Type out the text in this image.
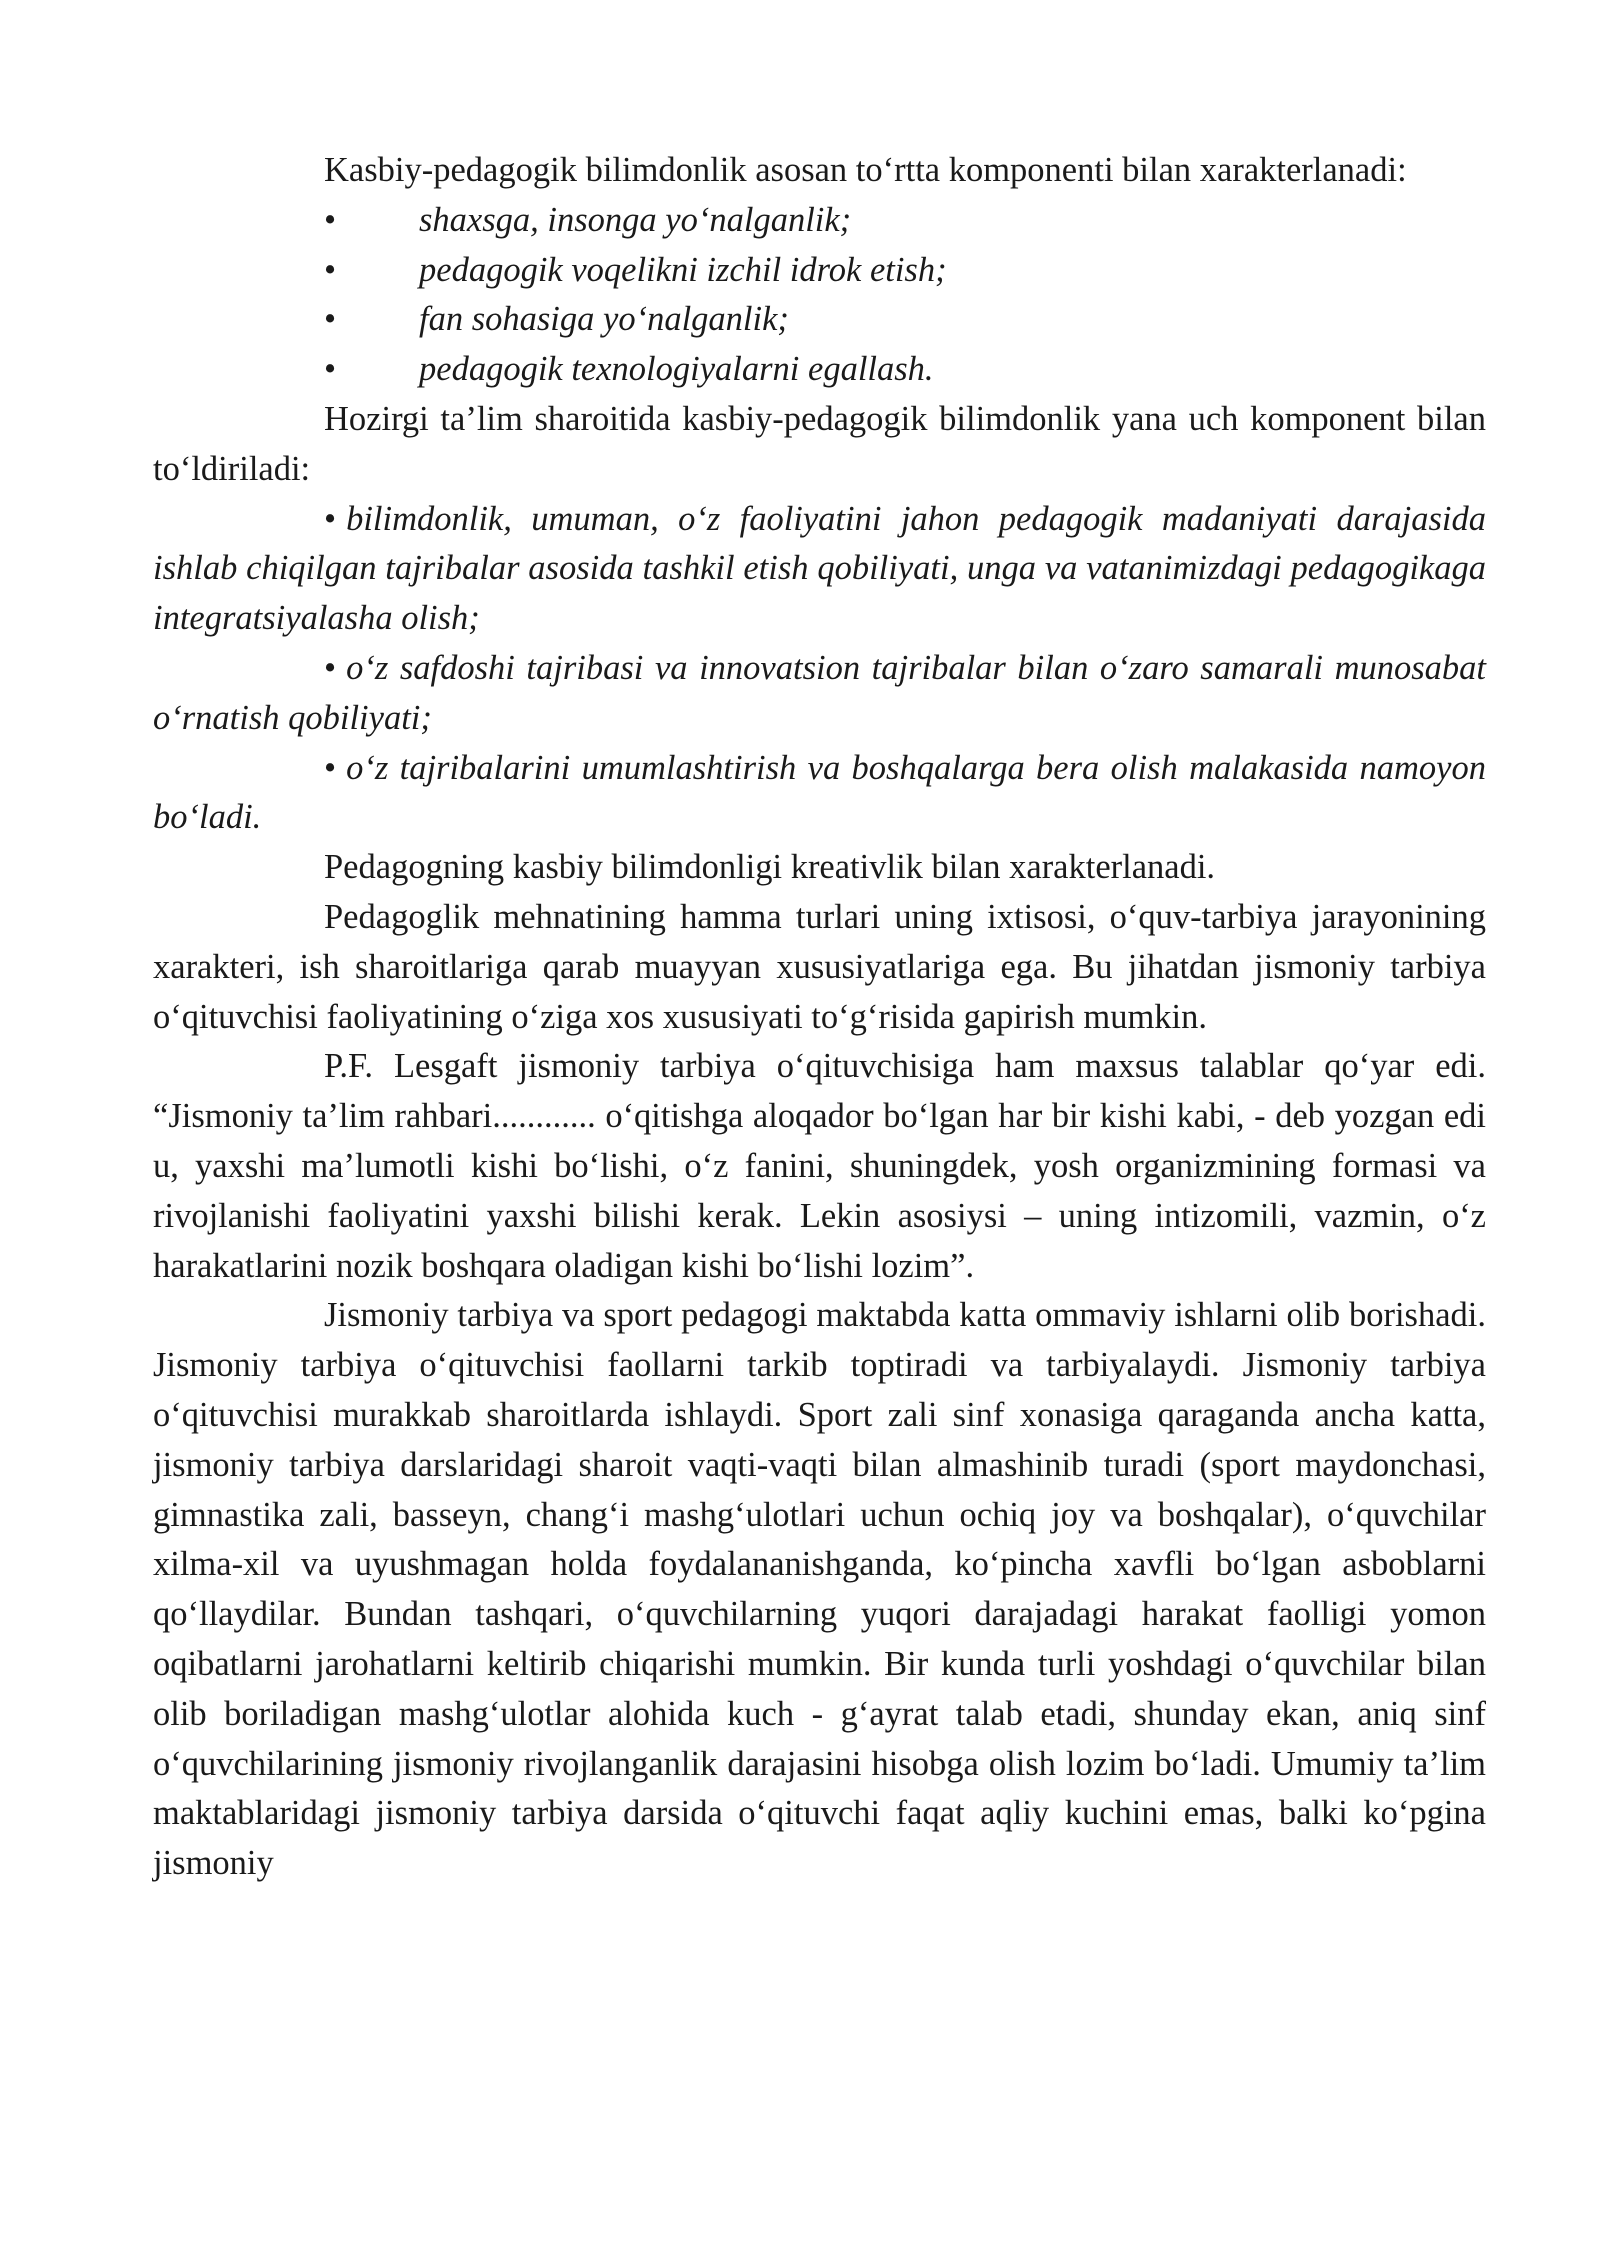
Kasbiy-pedagogik bilimdonlik asosan to‘rtta komponenti bilan xarakterlanadi:

• shaxsga, insonga yo‘nalganlik;
• pedagogik voqelikni izchil idrok etish;
• fan sohasiga yo‘nalganlik;
• pedagogik texnologiyalarni egallash.

Hozirgi ta’lim sharoitida kasbiy-pedagogik bilimdonlik yana uch komponent bilan to‘ldiriladi:

• bilimdonlik, umuman, o‘z faoliyatini jahon pedagogik madaniyati darajasida ishlab chiqilgan tajribalar asosida tashkil etish qobiliyati, unga va vatanimizdagi pedagogikaga integratsiyalasha olish;

• o‘z safdoshi tajribasi va innovatsion tajribalar bilan o‘zaro samarali munosabat o‘rnatish qobiliyati;

• o‘z tajribalarini umumlashtirish va boshqalarga bera olish malakasida namoyon bo‘ladi.

Pedagogning kasbiy bilimdonligi kreativlik bilan xarakterlanadi.

Pedagoglik mehnatining hamma turlari uning ixtisosi, o‘quv-tarbiya jarayonining xarakteri, ish sharoitlariga qarab muayyan xususiyatlariga ega. Bu jihatdan jismoniy tarbiya o‘qituvchisi faoliyatining o‘ziga xos xususiyati to‘g‘risida gapirish mumkin.

P.F. Lesgaft jismoniy tarbiya o‘qituvchisiga ham maxsus talablar qo‘yar edi. “Jismoniy ta’lim rahbari............ o‘qitishga aloqador bo‘lgan har bir kishi kabi, - deb yozgan edi u, yaxshi ma’lumotli kishi bo‘lishi, o‘z fanini, shuningdek, yosh organizmining formasi va rivojlanishi faoliyatini yaxshi bilishi kerak. Lekin asosiysi – uning intizomili, vazmin, o‘z harakatlarini nozik boshqara oladigan kishi bo‘lishi lozim”.

Jismoniy tarbiya va sport pedagogi maktabda katta ommaviy ishlarni olib borishadi. Jismoniy tarbiya o‘qituvchisi faollarni tarkib toptiradi va tarbiyalaydi. Jismoniy tarbiya o‘qituvchisi murakkab sharoitlarda ishlaydi. Sport zali sinf xonasiga qaraganda ancha katta, jismoniy tarbiya darslaridagi sharoit vaqti-vaqti bilan almashinib turadi (sport maydonchasi, gimnastika zali, basseyn, chang‘i mashg‘ulotlari uchun ochiq joy va boshqalar), o‘quvchilar xilma-xil va uyushmagan holda foydalananishganda, ko‘pincha xavfli bo‘lgan asboblarni qo‘llaydilar. Bundan tashqari, o‘quvchilarning yuqori darajadagi harakat faolligi yomon oqibatlarni jarohatlarni keltirib chiqarishi mumkin. Bir kunda turli yoshdagi o‘quvchilar bilan olib boriladigan mashg‘ulotlar alohida kuch - g‘ayrat talab etadi, shunday ekan, aniq sinf o‘quvchilarining jismoniy rivojlanganlik darajasini hisobga olish lozim bo‘ladi. Umumiy ta’lim maktablaridagi jismoniy tarbiya darsida o‘qituvchi faqat aqliy kuchini emas, balki ko‘pgina jismoniy
